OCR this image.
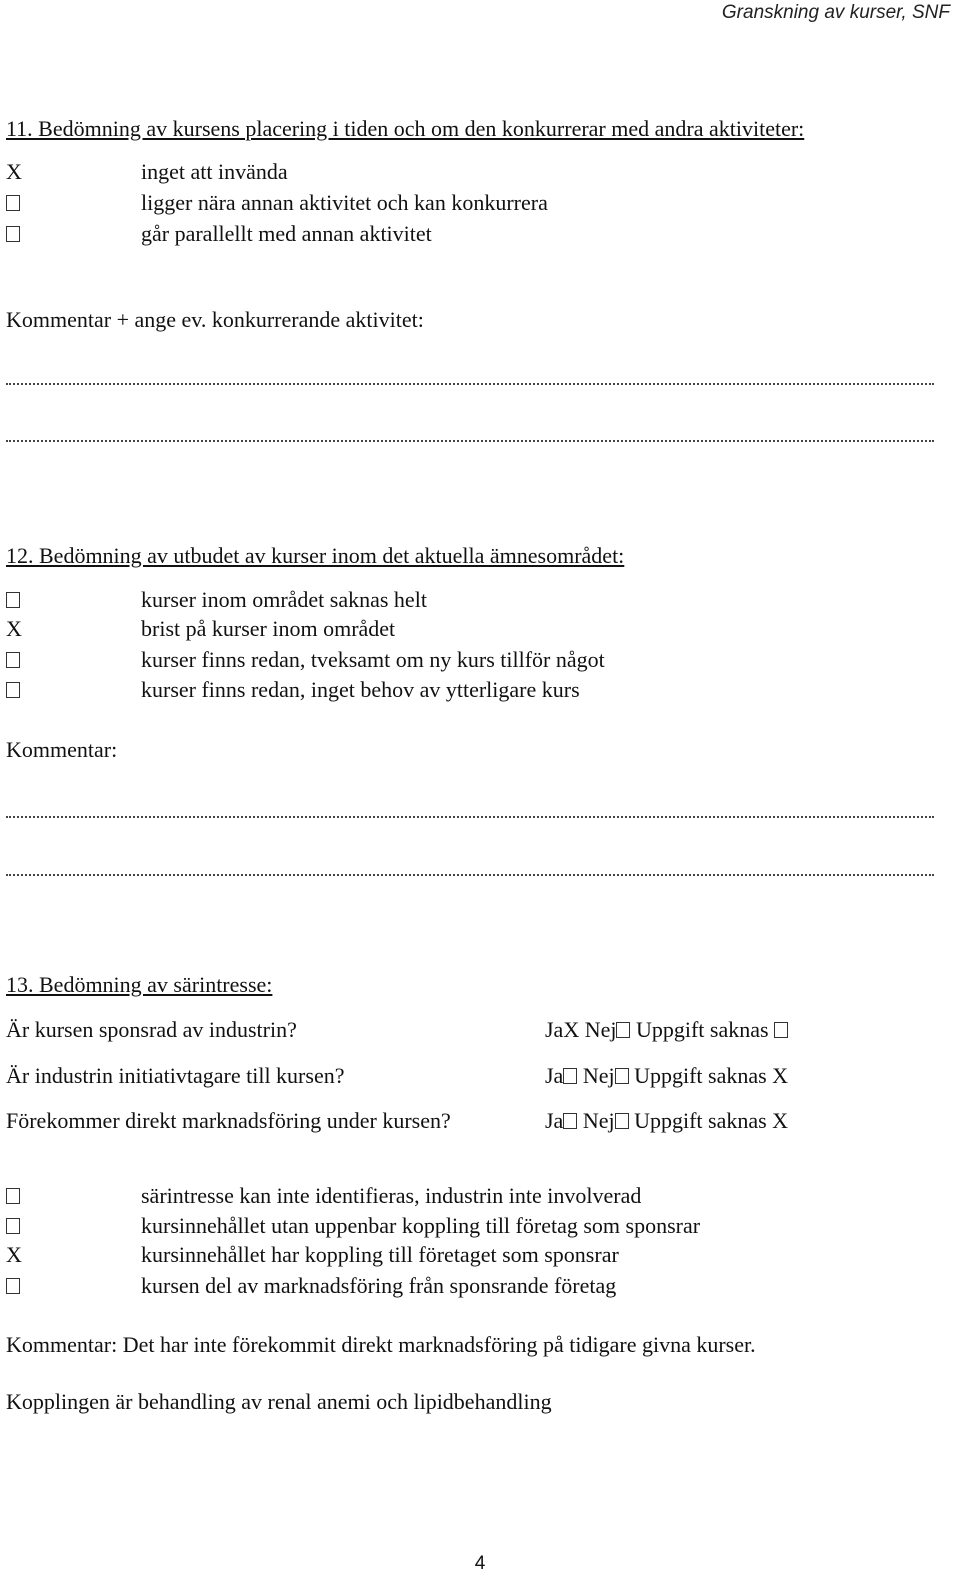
Granskning av kurser, SNF
11. Bedömning av kursens placering i tiden och om den konkurrerar med andra aktiviteter:
X	inget att invända
ligger nära annan aktivitet och kan konkurrera
går parallellt med annan aktivitet
Kommentar + ange ev. konkurrerande aktivitet:
12. Bedömning av utbudet av kurser inom det aktuella ämnesområdet:
kurser inom området saknas helt
X	brist på kurser inom området
kurser finns redan, tveksamt om ny kurs tillför något
kurser finns redan, inget behov av ytterligare kurs
Kommentar:
13. Bedömning av särintresse:
Är kursen sponsrad av industrin?	JaX Nej Uppgift saknas
Är industrin initiativtagare till kursen?	Ja Nej Uppgift saknas X
Förekommer direkt marknadsföring under kursen?	Ja Nej Uppgift saknas X
särintresse kan inte identifieras, industrin inte involverad
kursinnehållet utan uppenbar koppling till företag som sponsrar
X	kursinnehållet har koppling till företaget som sponsrar
kursen del av marknadsföring från sponsrande företag
Kommentar: Det har inte förekommit direkt marknadsföring på tidigare givna kurser.
Kopplingen är behandling av renal anemi och lipidbehandling
4
